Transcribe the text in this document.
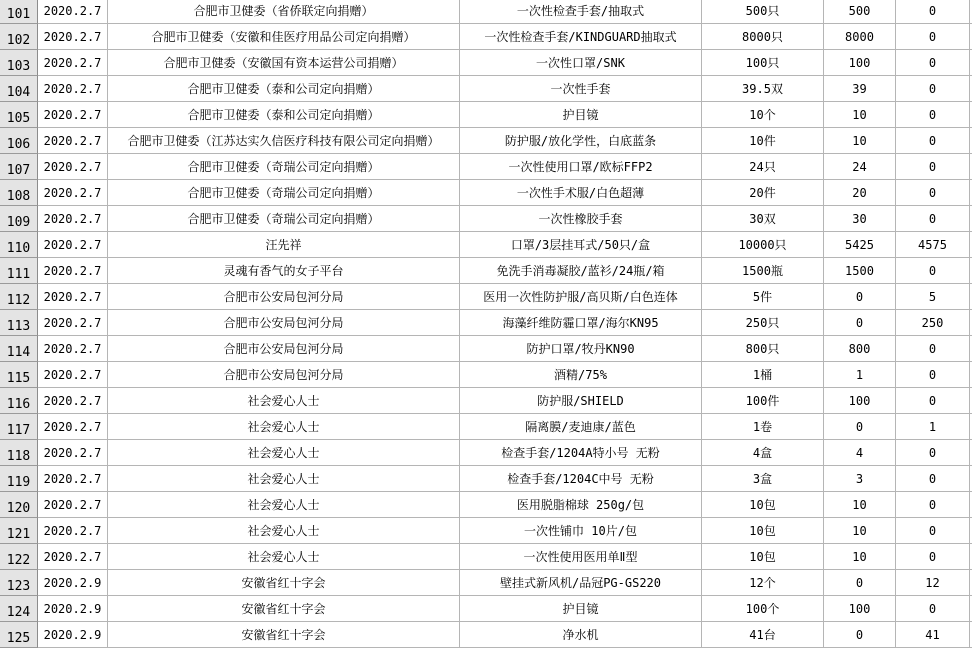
101	2020.2.7	合肥市卫健委（省侨联定向捐赠）	一次性检查手套/抽取式	500只	500	0
102	2020.2.7	合肥市卫健委（安徽和佳医疗用品公司定向捐赠）	一次性检查手套/KINDGUARD抽取式	8000只	8000	0
103	2020.2.7	合肥市卫健委（安徽国有资本运营公司捐赠）	一次性口罩/SNK	100只	100	0
104	2020.2.7	合肥市卫健委（泰和公司定向捐赠）	一次性手套	39.5双	39	0
105	2020.2.7	合肥市卫健委（泰和公司定向捐赠）	护目镜	10个	10	0
106	2020.2.7	合肥市卫健委（江苏达实久信医疗科技有限公司定向捐赠）	防护服/放化学性，白底蓝条	10件	10	0
107	2020.2.7	合肥市卫健委（奇瑞公司定向捐赠）	一次性使用口罩/欧标FFP2	24只	24	0
108	2020.2.7	合肥市卫健委（奇瑞公司定向捐赠）	一次性手术服/白色超薄	20件	20	0
109	2020.2.7	合肥市卫健委（奇瑞公司定向捐赠）	一次性橡胶手套	30双	30	0
110	2020.2.7	汪先祥	口罩/3层挂耳式/50只/盒	10000只	5425	4575
111	2020.2.7	灵魂有香气的女子平台	免洗手消毒凝胶/蓝衫/24瓶/箱	1500瓶	1500	0
112	2020.2.7	合肥市公安局包河分局	医用一次性防护服/高贝斯/白色连体	5件	0	5
113	2020.2.7	合肥市公安局包河分局	海藻纤维防霾口罩/海尔KN95	250只	0	250
114	2020.2.7	合肥市公安局包河分局	防护口罩/牧丹KN90	800只	800	0
115	2020.2.7	合肥市公安局包河分局	酒精/75%	1桶	1	0
116	2020.2.7	社会爱心人士	防护服/SHIELD	100件	100	0
117	2020.2.7	社会爱心人士	隔离膜/麦迪康/蓝色	1卷	0	1
118	2020.2.7	社会爱心人士	检查手套/1204A特小号 无粉	4盒	4	0
119	2020.2.7	社会爱心人士	检查手套/1204C中号 无粉	3盒	3	0
120	2020.2.7	社会爱心人士	医用脱脂棉球 250g/包	10包	10	0
121	2020.2.7	社会爱心人士	一次性铺巾 10片/包	10包	10	0
122	2020.2.7	社会爱心人士	一次性使用医用单Ⅱ型	10包	10	0
123	2020.2.9	安徽省红十字会	壁挂式新风机/品冠PG-GS220	12个	0	12
124	2020.2.9	安徽省红十字会	护目镜	100个	100	0
125	2020.2.9	安徽省红十字会	净水机	41台	0	41
